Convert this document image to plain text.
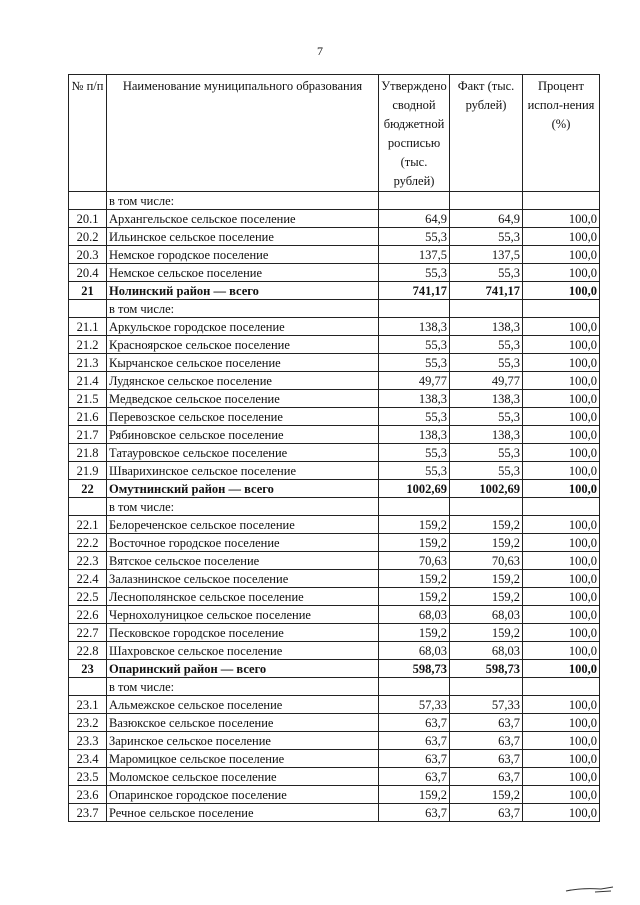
7
№ п/п	Наименование муниципального образования	Утверждено сводной бюджетной росписью (тыс. рублей)	Факт (тыс. рублей)	Процент испол-нения (%)
	в том числе:			
20.1	Архангельское сельское поселение	64,9	64,9	100,0
20.2	Ильинское сельское поселение	55,3	55,3	100,0
20.3	Немское городское поселение	137,5	137,5	100,0
20.4	Немское сельское поселение	55,3	55,3	100,0
21	Нолинский район — всего	741,17	741,17	100,0
	в том числе:			
21.1	Аркульское городское поселение	138,3	138,3	100,0
21.2	Красноярское сельское поселение	55,3	55,3	100,0
21.3	Кырчанское сельское поселение	55,3	55,3	100,0
21.4	Лудянское сельское поселение	49,77	49,77	100,0
21.5	Медведское сельское поселение	138,3	138,3	100,0
21.6	Перевозское сельское поселение	55,3	55,3	100,0
21.7	Рябиновское сельское поселение	138,3	138,3	100,0
21.8	Татауровское сельское поселение	55,3	55,3	100,0
21.9	Шварихинское сельское поселение	55,3	55,3	100,0
22	Омутнинский район — всего	1002,69	1002,69	100,0
	в том числе:			
22.1	Белореченское сельское поселение	159,2	159,2	100,0
22.2	Восточное городское поселение	159,2	159,2	100,0
22.3	Вятское сельское поселение	70,63	70,63	100,0
22.4	Залазнинское сельское поселение	159,2	159,2	100,0
22.5	Леснополянское сельское поселение	159,2	159,2	100,0
22.6	Чернохолуницкое сельское поселение	68,03	68,03	100,0
22.7	Песковское городское поселение	159,2	159,2	100,0
22.8	Шахровское сельское поселение	68,03	68,03	100,0
23	Опаринский район — всего	598,73	598,73	100,0
	в том числе:			
23.1	Альмежское сельское поселение	57,33	57,33	100,0
23.2	Вазюкское сельское поселение	63,7	63,7	100,0
23.3	Заринское сельское поселение	63,7	63,7	100,0
23.4	Маромицкое сельское поселение	63,7	63,7	100,0
23.5	Моломское сельское поселение	63,7	63,7	100,0
23.6	Опаринское городское поселение	159,2	159,2	100,0
23.7	Речное сельское поселение	63,7	63,7	100,0
